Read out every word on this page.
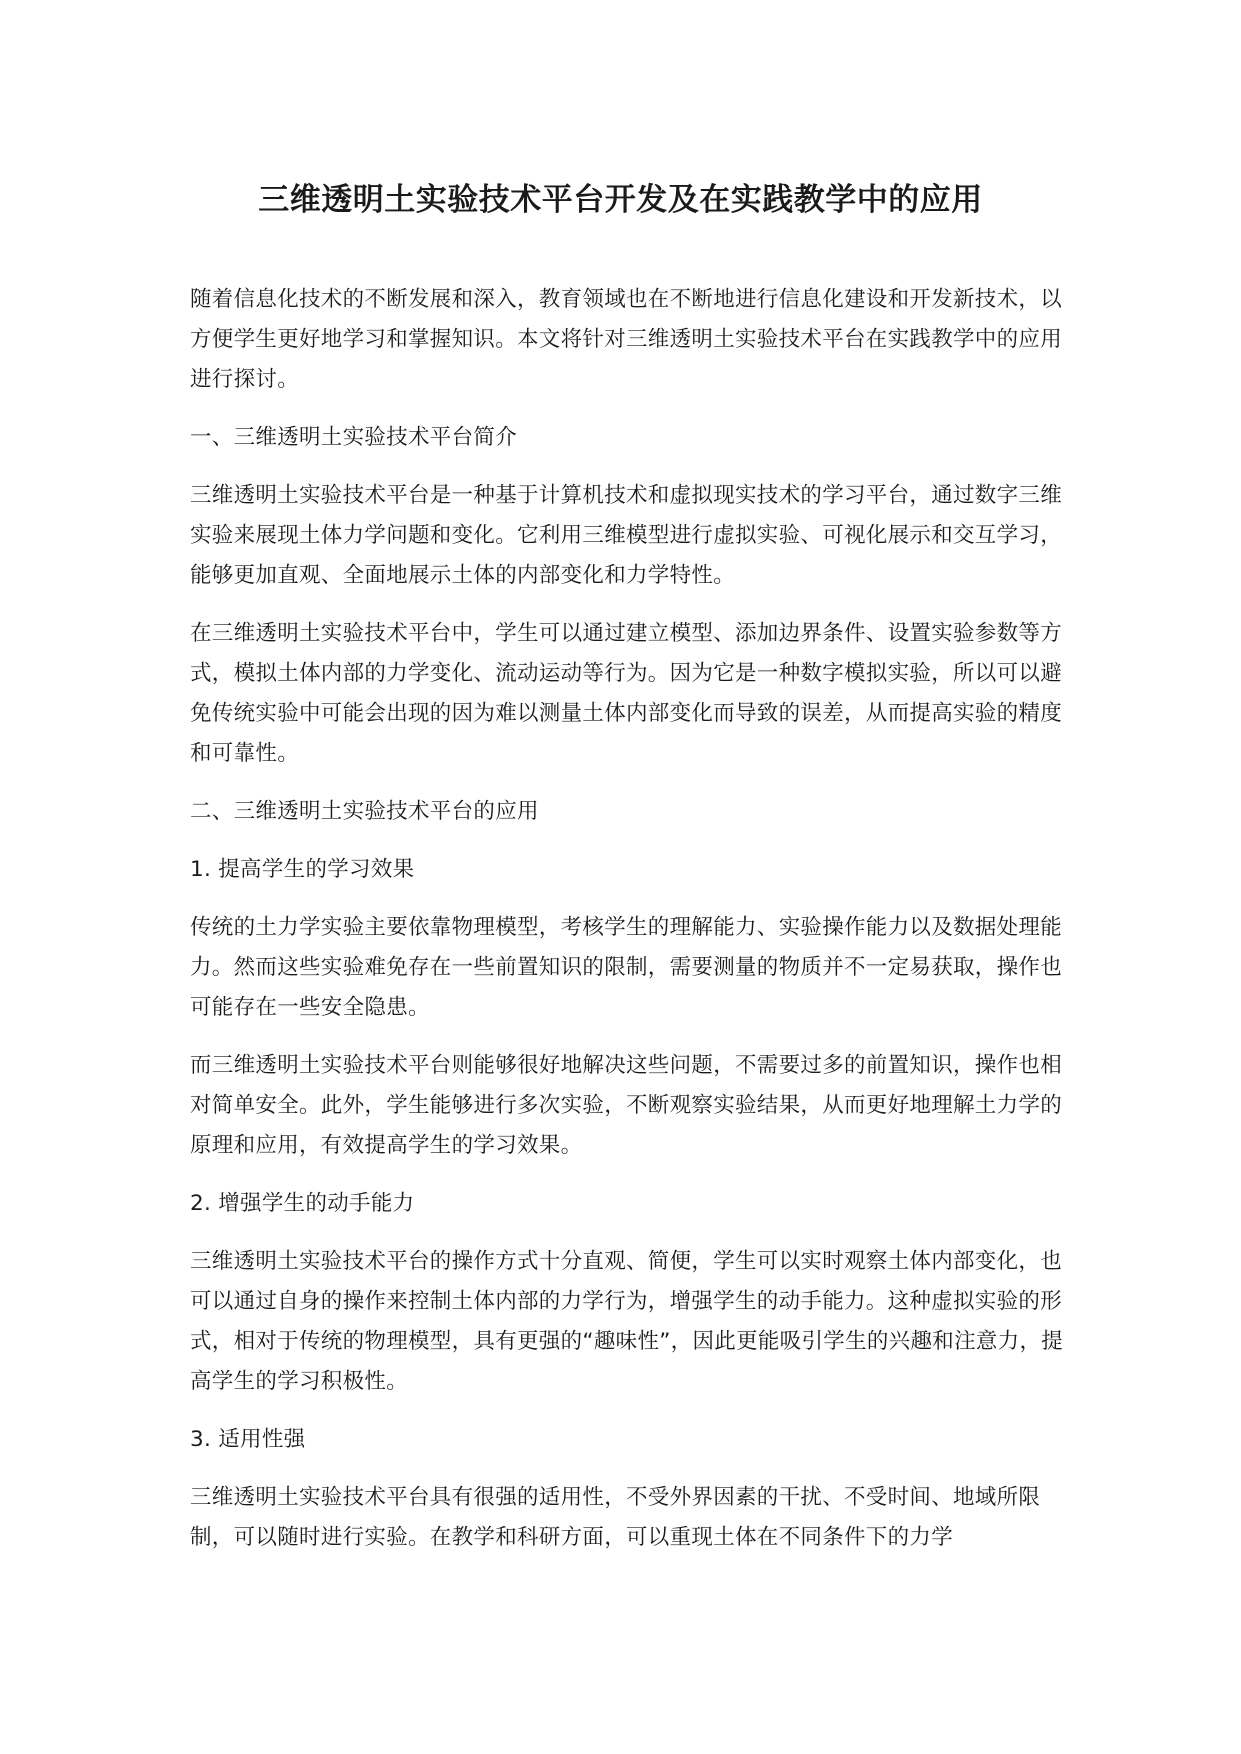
三维透明土实验技术平台开发及在实践教学中的应用

随着信息化技术的不断发展和深入，教育领域也在不断地进行信息化建设和开发新技术，以方便学生更好地学习和掌握知识。本文将针对三维透明土实验技术平台在实践教学中的应用进行探讨。

一、三维透明土实验技术平台简介

三维透明土实验技术平台是一种基于计算机技术和虚拟现实技术的学习平台，通过数字三维实验来展现土体力学问题和变化。它利用三维模型进行虚拟实验、可视化展示和交互学习，能够更加直观、全面地展示土体的内部变化和力学特性。

在三维透明土实验技术平台中，学生可以通过建立模型、添加边界条件、设置实验参数等方式，模拟土体内部的力学变化、流动运动等行为。因为它是一种数字模拟实验，所以可以避免传统实验中可能会出现的因为难以测量土体内部变化而导致的误差，从而提高实验的精度和可靠性。

二、三维透明土实验技术平台的应用

1. 提高学生的学习效果

传统的土力学实验主要依靠物理模型，考核学生的理解能力、实验操作能力以及数据处理能力。然而这些实验难免存在一些前置知识的限制，需要测量的物质并不一定易获取，操作也可能存在一些安全隐患。

而三维透明土实验技术平台则能够很好地解决这些问题，不需要过多的前置知识，操作也相对简单安全。此外，学生能够进行多次实验，不断观察实验结果，从而更好地理解土力学的原理和应用，有效提高学生的学习效果。

2. 增强学生的动手能力

三维透明土实验技术平台的操作方式十分直观、简便，学生可以实时观察土体内部变化，也可以通过自身的操作来控制土体内部的力学行为，增强学生的动手能力。这种虚拟实验的形式，相对于传统的物理模型，具有更强的“趣味性”，因此更能吸引学生的兴趣和注意力，提高学生的学习积极性。

3. 适用性强

三维透明土实验技术平台具有很强的适用性，不受外界因素的干扰、不受时间、地域所限制，可以随时进行实验。在教学和科研方面，可以重现土体在不同条件下的力学
